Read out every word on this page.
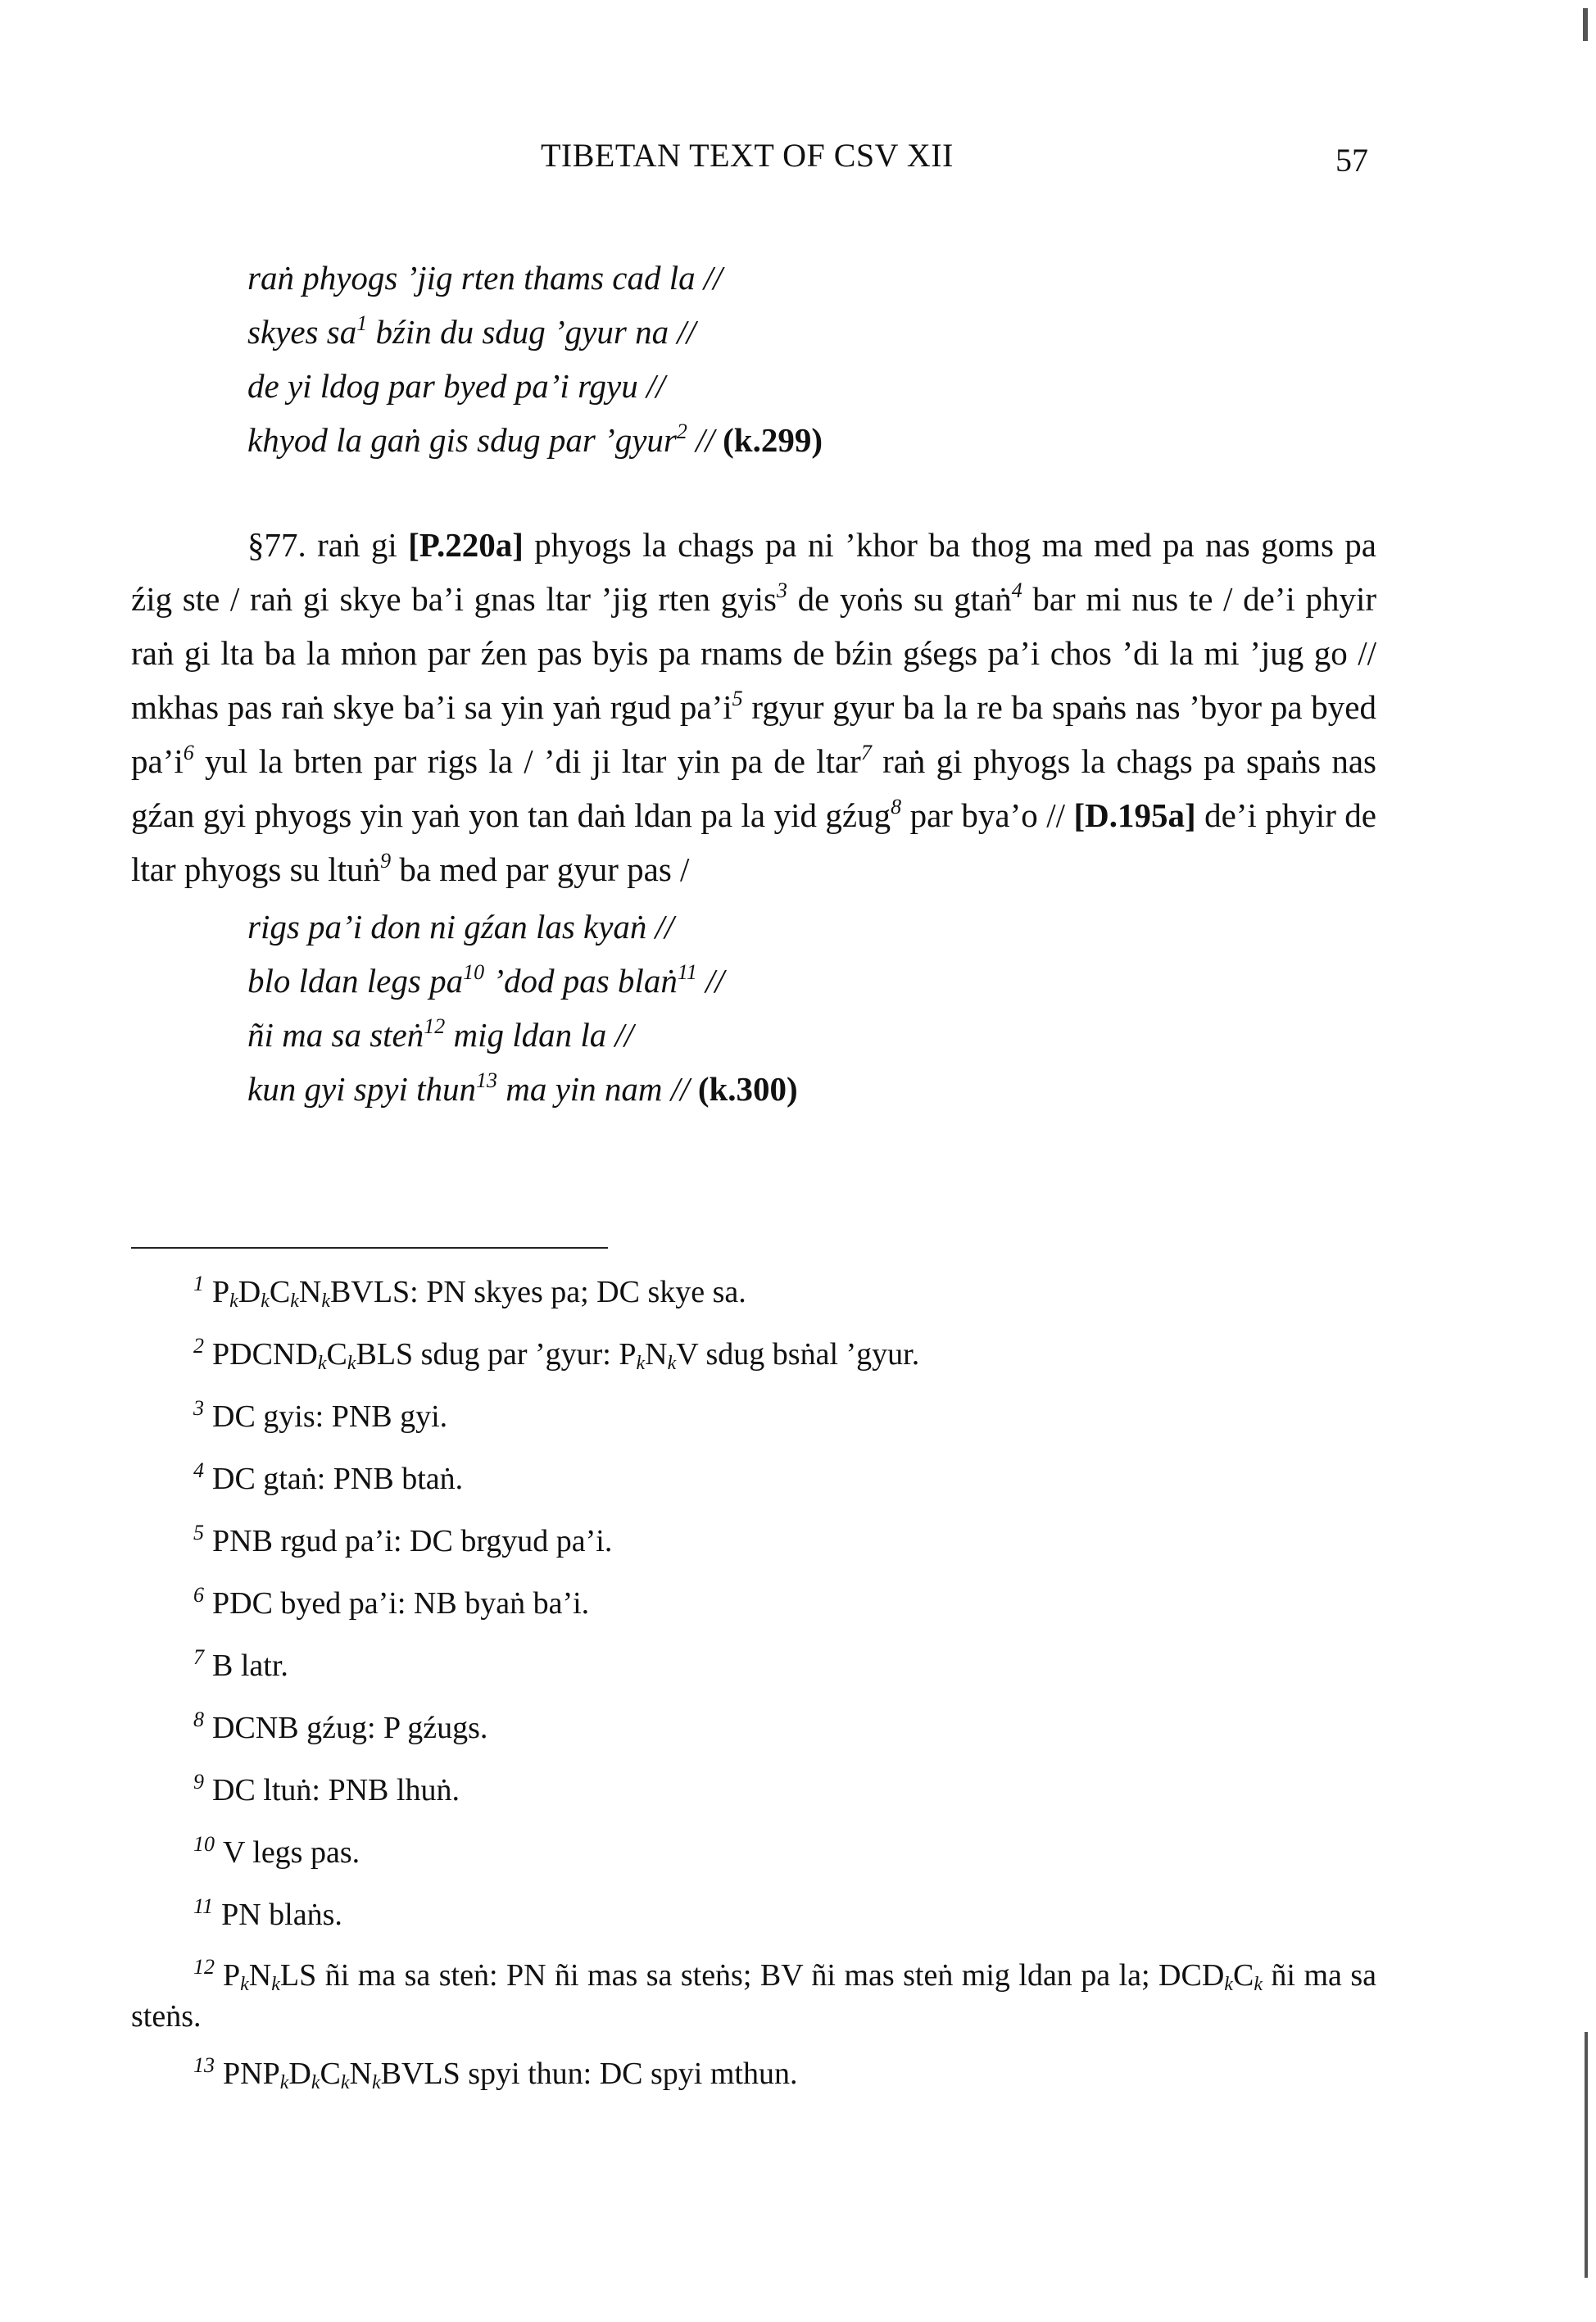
TIBETAN TEXT OF CSV XII	57
raṅ phyogs ’jig rten thams cad la //
skyes $sa^1$ bźin du sdug ’gyur na //
de yi ldog par byed pa’i rgyu //
khyod la gaṅ gis sdug par ’gyur$^2$ // (k.299)
§77. raṅ gi [P.220a] phyogs la chags pa ni ’khor ba thog ma med pa nas goms pa źig ste / raṅ gi skye ba’i gnas ltar ’jig rten gyis$^3$ de yoṅs su gtaṅ$^4$ bar mi nus te / de’i phyir raṅ gi lta ba la mṅon par źen pas byis pa rnams de bźin gśegs pa’i chos ’di la mi ’jug go // mkhas pas raṅ skye ba’i sa yin yaṅ rgud $pa’i^5$ rgyur gyur ba la re ba spaṅs nas ’byor pa byed $pa’i^6$ yul la brten par rigs la / ’di ji ltar yin pa de ltar$^7$ raṅ gi phyogs la chags pa spaṅs nas gźan gyi phyogs yin yaṅ yon tan daṅ ldan pa la yid gźug$^8$ par bya’o // [D.195a] de’i phyir de ltar phyogs su ltuṅ$^9$ ba med par gyur pas /
rigs pa’i don ni gźan las kyaṅ //
blo ldan legs $pa^{10}$ ’dod pas blaṅ$^{11}$ //
ñi ma sa steṅ$^{12}$ mig ldan la //
kun gyi spyi thun$^{13}$ ma yin nam // (k.300)
$^1$ $P_kD_kC_kN_kBVLS$: PN skyes pa; DC skye sa.
$^2$ $PDCND_kC_kBLS$ sdug par ’gyur: $P_kN_kV$ sdug bsṅal ’gyur.
$^3$ DC gyis: PNB gyi.
$^4$ DC gtaṅ: PNB btaṅ.
$^5$ PNB rgud pa’i: DC brgyud pa’i.
$^6$ PDC byed pa’i: NB byaṅ ba’i.
$^7$ B latr.
$^8$ DCNB gźug: P gźugs.
$^9$ DC ltuṅ: PNB lhuṅ.
$^{10}$ V legs pas.
$^{11}$ PN blaṅs.
$^{12}$ $P_kN_kLS$ ñi ma sa steṅ: PN ñi mas sa steṅs; BV ñi mas steṅ mig ldan pa la; $DCD_kC_k$ ñi ma sa steṅs.
$^{13}$ $PNP_kD_kC_kN_kBVLS$ spyi thun: DC spyi mthun.
